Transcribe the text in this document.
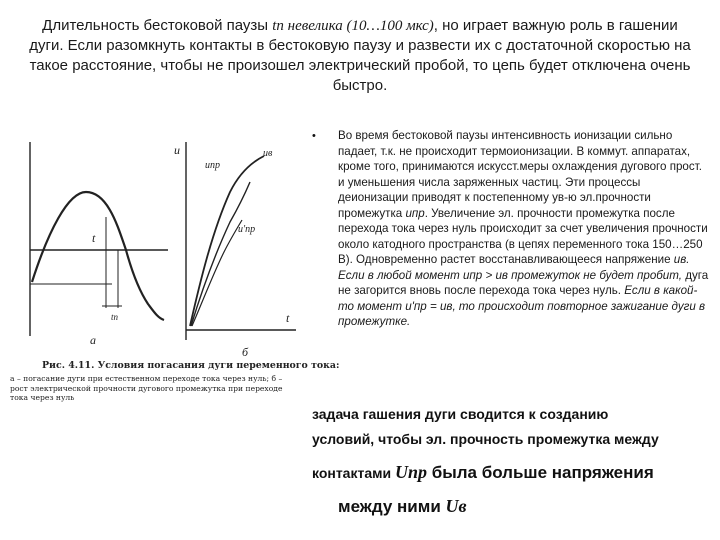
Длительность бестоковой паузы tп невелика (10…100 мкс), но играет важную роль в гашении дуги. Если разомкнуть контакты в бестоковую паузу и развести их с достаточной скоростью на такое расстояние, чтобы не произошел электрический пробой, то цепь будет отключена очень быстро.
t
tп
а
u
uпр
uв
u'пр
t
б
Рис. 4.11. Условия погасания дуги переменного тока:
а – погасание дуги при естественном переходе тока через нуль; б – рост электрической прочности дугового промежутка при переходе тока через нуль
• Во время бестоковой паузы интенсивность ионизации сильно падает, т.к. не происходит термоионизации. В коммут. аппаратах, кроме того, принимаются искусст.меры охлаждения дугового прост. и уменьшения числа заряженных частиц. Эти процессы деионизации приводят к постепенному ув-ю эл.прочности промежутка uпр. Увеличение эл. прочности промежутка после перехода тока через нуль происходит за счет увеличения прочности около катодного пространства (в цепях переменного тока 150…250 В). Одновременно растет восстанавливающееся напряжение uв. Если в любой момент uпр > uв промежуток не будет пробит, дуга не загорится вновь после перехода тока через нуль. Если в какой-то момент u'пр = uв, то происходит повторное зажигание дуги в промежутке.
задача гашения дуги сводится к созданию
условий, чтобы эл. прочность промежутка между
контактами Uпр была больше напряжения
между ними Uв
